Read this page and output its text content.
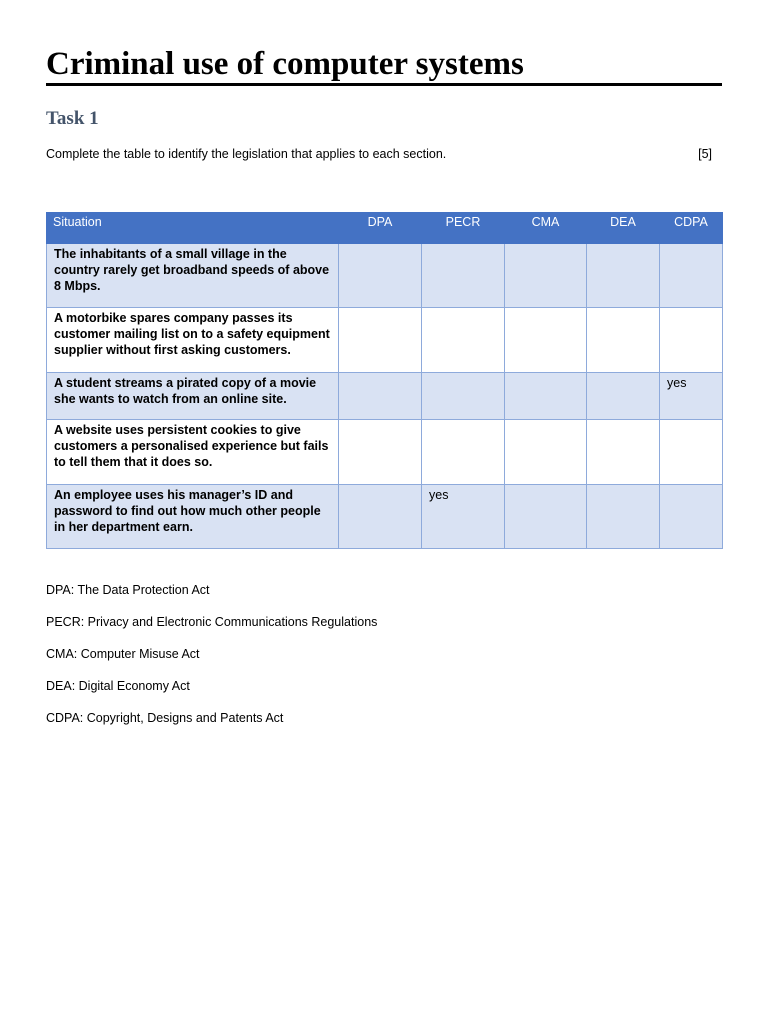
Criminal use of computer systems
Task 1
Complete the table to identify the legislation that applies to each section.	[5]
Situation	DPA	PECR	CMA	DEA	CDPA
The inhabitants of a small village in the country rarely get broadband speeds of above 8 Mbps.					
A motorbike spares company passes its customer mailing list on to a safety equipment supplier without first asking customers.					
A student streams a pirated copy of a movie she wants to watch from an online site.					yes
A website uses persistent cookies to give customers a personalised experience but fails to tell them that it does so.					
An employee uses his manager’s ID and password to find out how much other people in her department earn.		yes			
DPA: The Data Protection Act
PECR: Privacy and Electronic Communications Regulations
CMA: Computer Misuse Act
DEA: Digital Economy Act
CDPA: Copyright, Designs and Patents Act
